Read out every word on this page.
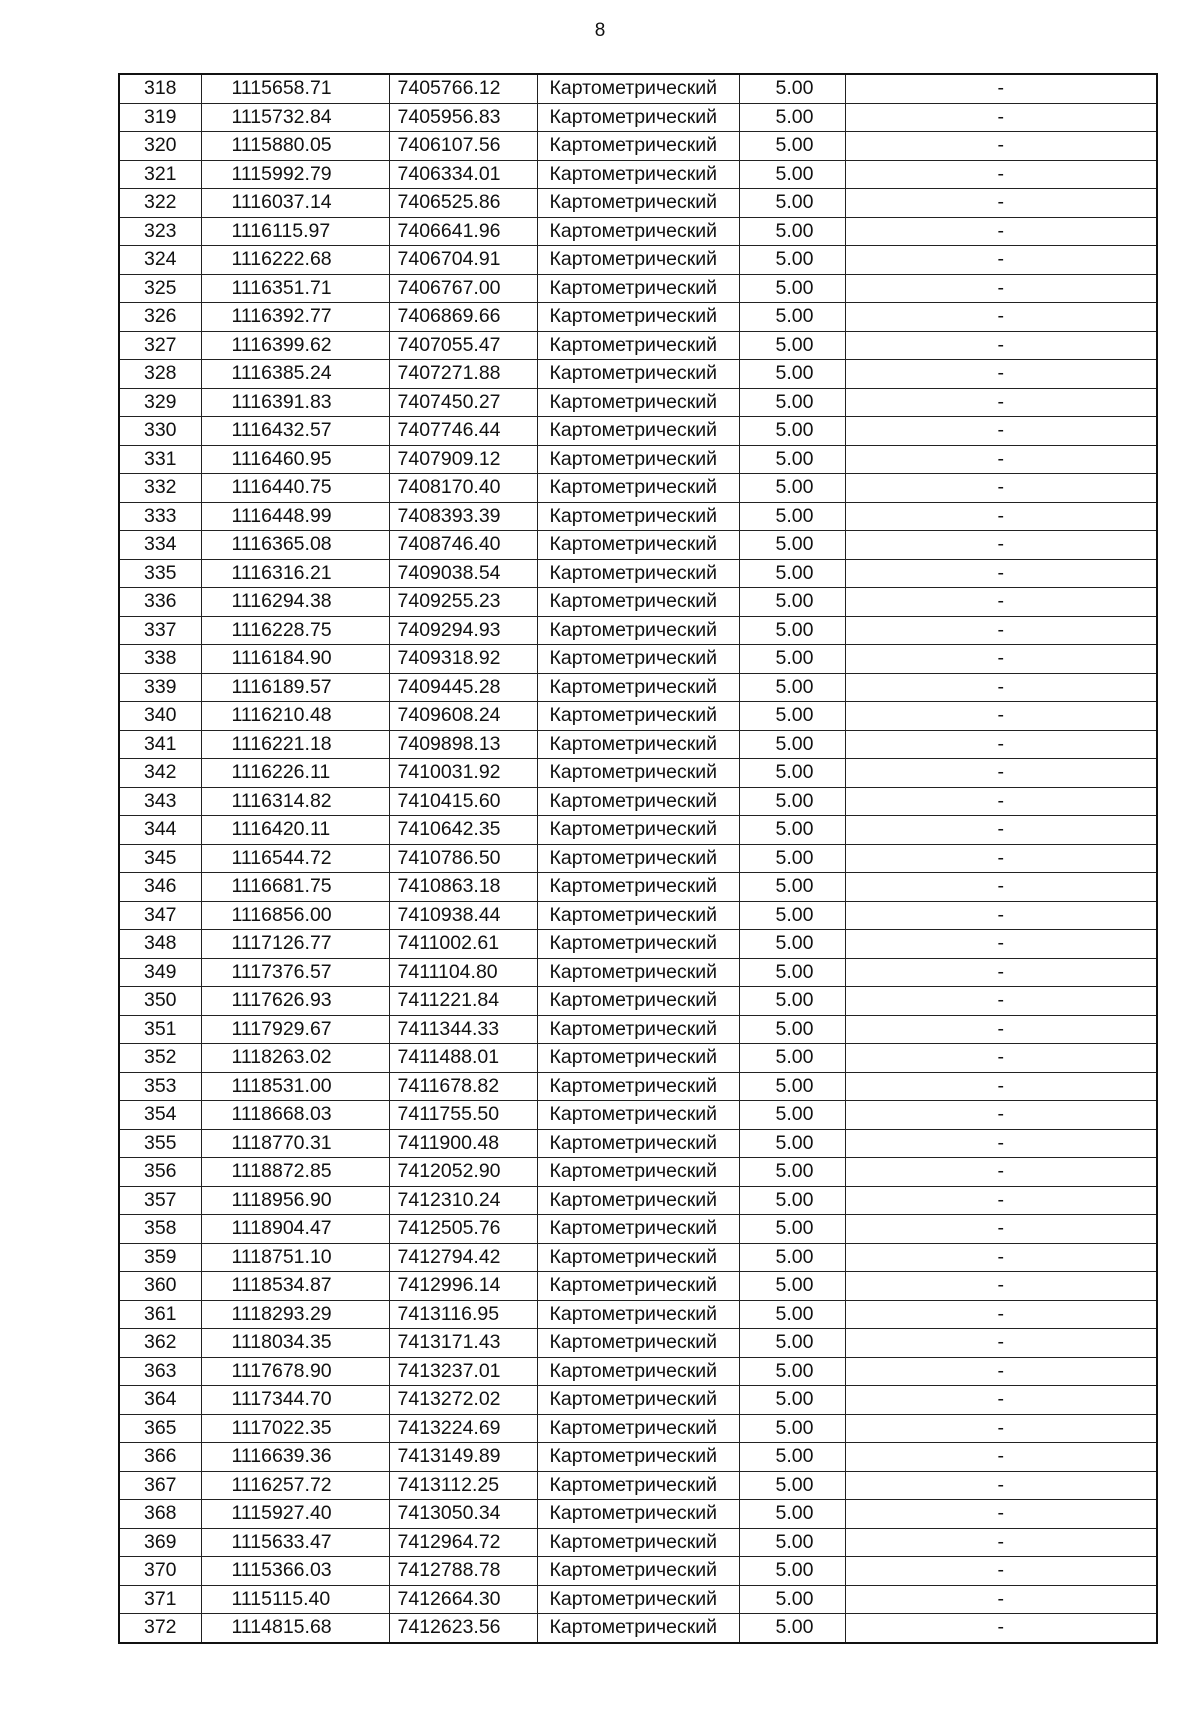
8
318	1115658.71	7405766.12	Картометрический	5.00	-
319	1115732.84	7405956.83	Картометрический	5.00	-
320	1115880.05	7406107.56	Картометрический	5.00	-
321	1115992.79	7406334.01	Картометрический	5.00	-
322	1116037.14	7406525.86	Картометрический	5.00	-
323	1116115.97	7406641.96	Картометрический	5.00	-
324	1116222.68	7406704.91	Картометрический	5.00	-
325	1116351.71	7406767.00	Картометрический	5.00	-
326	1116392.77	7406869.66	Картометрический	5.00	-
327	1116399.62	7407055.47	Картометрический	5.00	-
328	1116385.24	7407271.88	Картометрический	5.00	-
329	1116391.83	7407450.27	Картометрический	5.00	-
330	1116432.57	7407746.44	Картометрический	5.00	-
331	1116460.95	7407909.12	Картометрический	5.00	-
332	1116440.75	7408170.40	Картометрический	5.00	-
333	1116448.99	7408393.39	Картометрический	5.00	-
334	1116365.08	7408746.40	Картометрический	5.00	-
335	1116316.21	7409038.54	Картометрический	5.00	-
336	1116294.38	7409255.23	Картометрический	5.00	-
337	1116228.75	7409294.93	Картометрический	5.00	-
338	1116184.90	7409318.92	Картометрический	5.00	-
339	1116189.57	7409445.28	Картометрический	5.00	-
340	1116210.48	7409608.24	Картометрический	5.00	-
341	1116221.18	7409898.13	Картометрический	5.00	-
342	1116226.11	7410031.92	Картометрический	5.00	-
343	1116314.82	7410415.60	Картометрический	5.00	-
344	1116420.11	7410642.35	Картометрический	5.00	-
345	1116544.72	7410786.50	Картометрический	5.00	-
346	1116681.75	7410863.18	Картометрический	5.00	-
347	1116856.00	7410938.44	Картометрический	5.00	-
348	1117126.77	7411002.61	Картометрический	5.00	-
349	1117376.57	7411104.80	Картометрический	5.00	-
350	1117626.93	7411221.84	Картометрический	5.00	-
351	1117929.67	7411344.33	Картометрический	5.00	-
352	1118263.02	7411488.01	Картометрический	5.00	-
353	1118531.00	7411678.82	Картометрический	5.00	-
354	1118668.03	7411755.50	Картометрический	5.00	-
355	1118770.31	7411900.48	Картометрический	5.00	-
356	1118872.85	7412052.90	Картометрический	5.00	-
357	1118956.90	7412310.24	Картометрический	5.00	-
358	1118904.47	7412505.76	Картометрический	5.00	-
359	1118751.10	7412794.42	Картометрический	5.00	-
360	1118534.87	7412996.14	Картометрический	5.00	-
361	1118293.29	7413116.95	Картометрический	5.00	-
362	1118034.35	7413171.43	Картометрический	5.00	-
363	1117678.90	7413237.01	Картометрический	5.00	-
364	1117344.70	7413272.02	Картометрический	5.00	-
365	1117022.35	7413224.69	Картометрический	5.00	-
366	1116639.36	7413149.89	Картометрический	5.00	-
367	1116257.72	7413112.25	Картометрический	5.00	-
368	1115927.40	7413050.34	Картометрический	5.00	-
369	1115633.47	7412964.72	Картометрический	5.00	-
370	1115366.03	7412788.78	Картометрический	5.00	-
371	1115115.40	7412664.30	Картометрический	5.00	-
372	1114815.68	7412623.56	Картометрический	5.00	-
